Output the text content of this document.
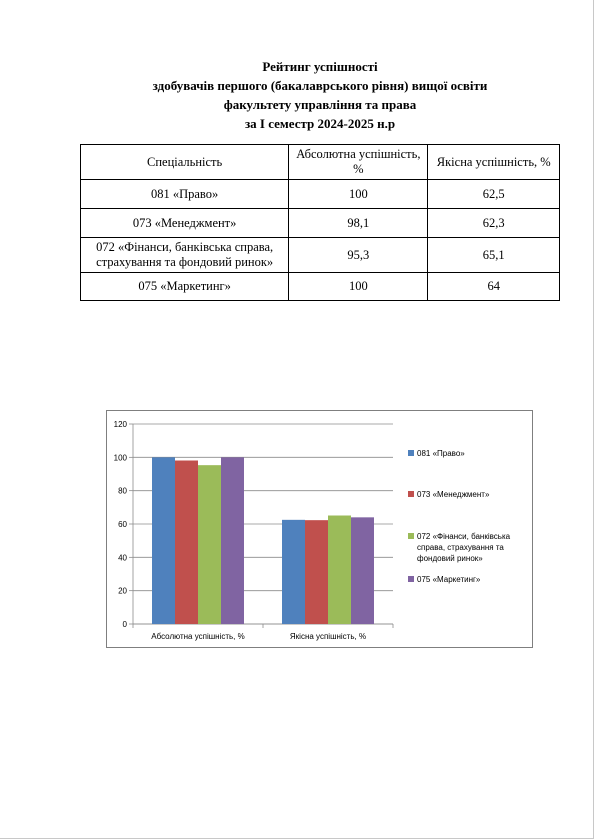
Рейтинг успішності
здобувачів першого (бакалаврського рівня) вищої освіти
факультету управління та права
за І семестр 2024-2025 н.р
Спеціальність	Абсолютна успішність, %	Якісна успішність, %
081 «Право»	100	62,5
073 «Менеджмент»	98,1	62,3
072 «Фінанси, банківська справа, страхування та фондовий ринок»	95,3	65,1
075 «Маркетинг»	100	64
0
20
40
60
80
100
120
Абсолютна успішність, %	Якісна успішність, %
081 «Право»
073 «Менеджмент»
072 «Фінанси, банківська справа, страхування та фондовий ринок»
075 «Маркетинг»
